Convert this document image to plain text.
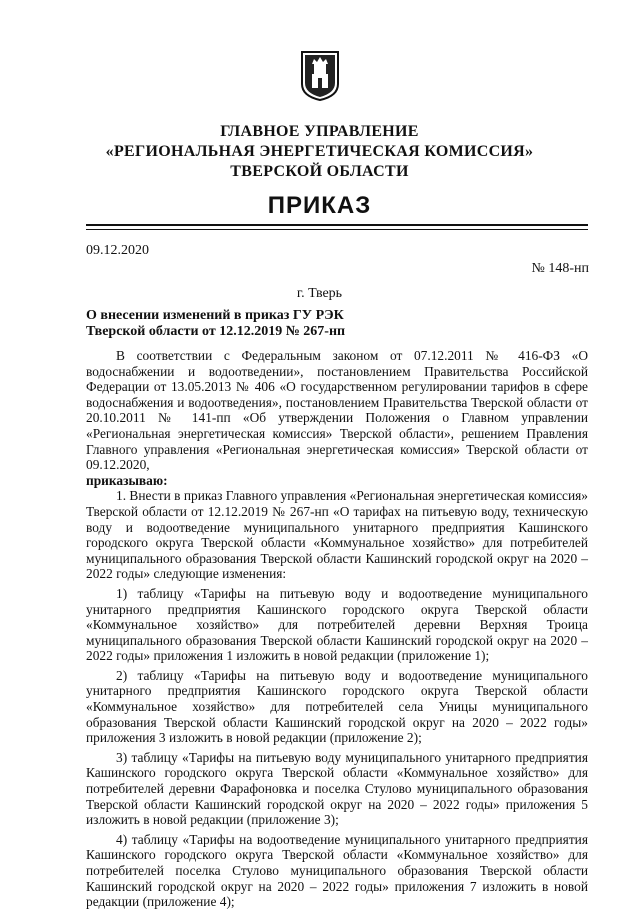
ГЛАВНОЕ УПРАВЛЕНИЕ
«РЕГИОНАЛЬНАЯ ЭНЕРГЕТИЧЕСКАЯ КОМИССИЯ»
ТВЕРСКОЙ ОБЛАСТИ
ПРИКАЗ
09.12.2020
№ 148-нп
г. Тверь
О внесении изменений в приказ ГУ РЭК
Тверской области от 12.12.2019 № 267-нп

В соответствии с Федеральным законом от 07.12.2011 № 416-ФЗ «О водоснабжении и водоотведении», постановлением Правительства Российской Федерации от 13.05.2013 № 406 «О государственном регулировании тарифов в сфере водоснабжения и водоотведения», постановлением Правительства Тверской области от 20.10.2011 № 141-пп «Об утверждении Положения о Главном управлении «Региональная энергетическая комиссия» Тверской области», решением Правления Главного управления «Региональная энергетическая комиссия» Тверской области от 09.12.2020,

приказываю:

1. Внести в приказ Главного управления «Региональная энергетическая комиссия» Тверской области от 12.12.2019 № 267-нп «О тарифах на питьевую воду, техническую воду и водоотведение муниципального унитарного предприятия Кашинского городского округа Тверской области «Коммунальное хозяйство» для потребителей муниципального образования Тверской области Кашинский городской округ на 2020 – 2022 годы» следующие изменения:

1) таблицу «Тарифы на питьевую воду и водоотведение муниципального унитарного предприятия Кашинского городского округа Тверской области «Коммунальное хозяйство» для потребителей деревни Верхняя Троица муниципального образования Тверской области Кашинский городской округ на 2020 – 2022 годы» приложения 1 изложить в новой редакции (приложение 1);

2) таблицу «Тарифы на питьевую воду и водоотведение муниципального унитарного предприятия Кашинского городского округа Тверской области «Коммунальное хозяйство» для потребителей села Уницы муниципального образования Тверской области Кашинский городской округ на 2020 – 2022 годы» приложения 3 изложить в новой редакции (приложение 2);

3) таблицу «Тарифы на питьевую воду муниципального унитарного предприятия Кашинского городского округа Тверской области «Коммунальное хозяйство» для потребителей деревни Фарафоновка и поселка Стулово муниципального образования Тверской области Кашинский городской округ на 2020 – 2022 годы» приложения 5 изложить в новой редакции (приложение 3);

4) таблицу «Тарифы на водоотведение муниципального унитарного предприятия Кашинского городского округа Тверской области «Коммунальное хозяйство» для потребителей поселка Стулово муниципального образования Тверской области Кашинский городской округ на 2020 – 2022 годы» приложения 7 изложить в новой редакции (приложение 4);
